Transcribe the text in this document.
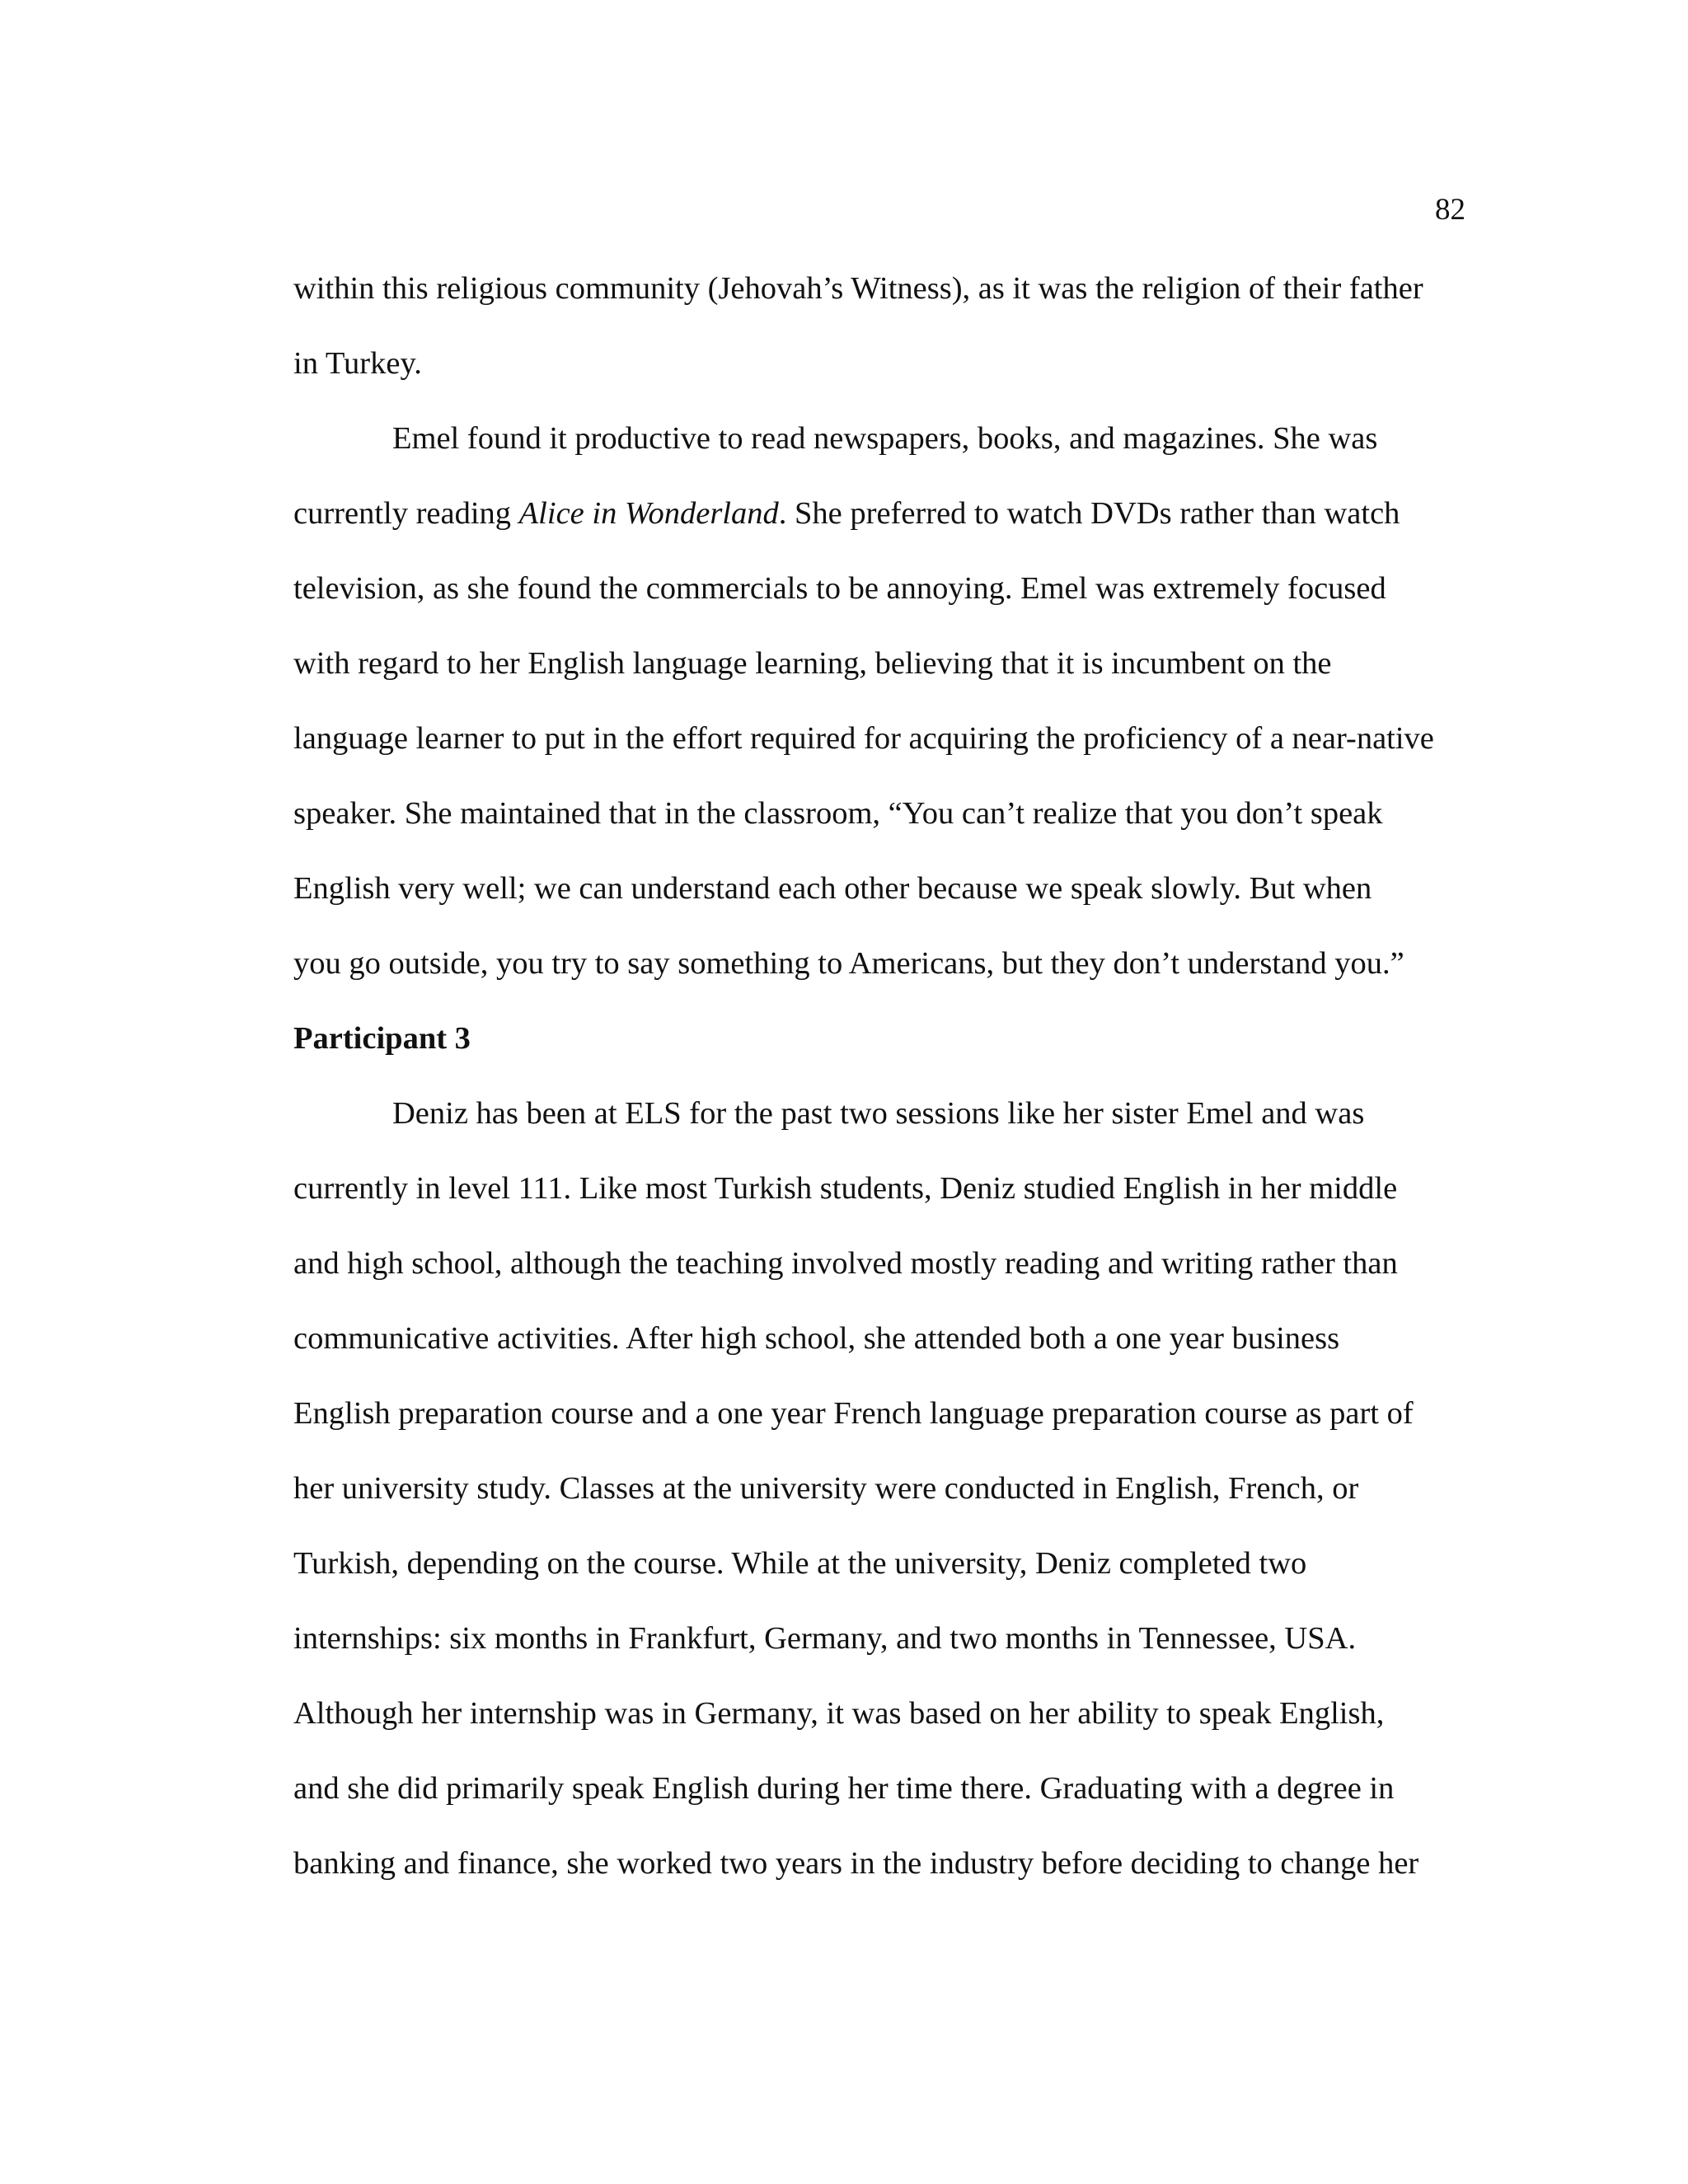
82
within this religious community (Jehovah’s Witness), as it was the religion of their father
in Turkey.
Emel found it productive to read newspapers, books, and magazines. She was
currently reading Alice in Wonderland. She preferred to watch DVDs rather than watch
television, as she found the commercials to be annoying. Emel was extremely focused
with regard to her English language learning, believing that it is incumbent on the
language learner to put in the effort required for acquiring the proficiency of a near-native
speaker. She maintained that in the classroom, “You can’t realize that you don’t speak
English very well; we can understand each other because we speak slowly. But when
you go outside, you try to say something to Americans, but they don’t understand you.”
Participant 3
Deniz has been at ELS for the past two sessions like her sister Emel and was
currently in level 111. Like most Turkish students, Deniz studied English in her middle
and high school, although the teaching involved mostly reading and writing rather than
communicative activities. After high school, she attended both a one year business
English preparation course and a one year French language preparation course as part of
her university study. Classes at the university were conducted in English, French, or
Turkish, depending on the course. While at the university, Deniz completed two
internships: six months in Frankfurt, Germany, and two months in Tennessee, USA.
Although her internship was in Germany, it was based on her ability to speak English,
and she did primarily speak English during her time there. Graduating with a degree in
banking and finance, she worked two years in the industry before deciding to change her
